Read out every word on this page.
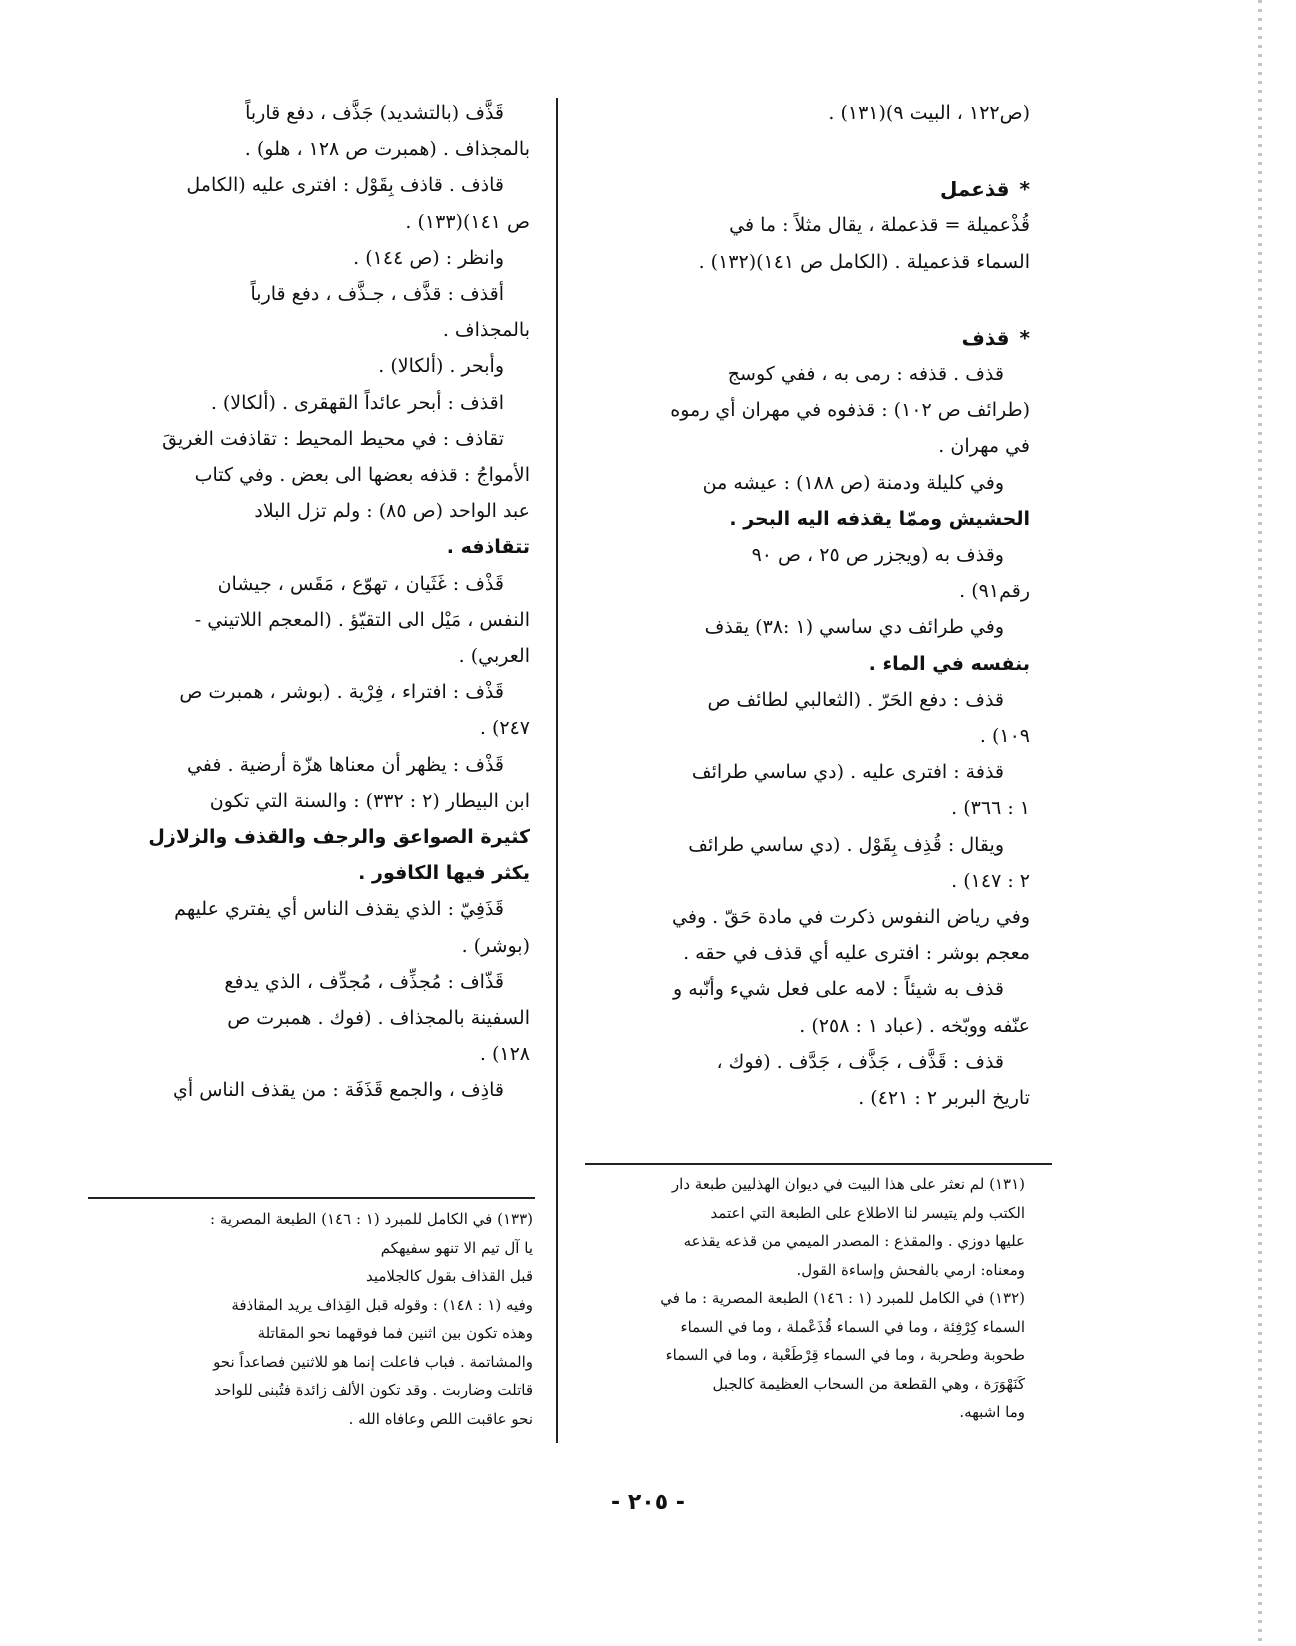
(ص١٢٢ ، البيت ٩)(١٣١) .
*قذعمل
قُذْعميلة = قذعملة ، يقال مثلاً : ما في
السماء قذعميلة . (الكامل ص ١٤١)(١٣٢) .
*قذف
قذف . قذفه : رمى به ، ففي كوسج
(طرائف ص ١٠٢) : قذفوه في مهران أي رموه
في مهران .
وفي كليلة ودمنة (ص ١٨٨) : عيشه من
الحشيش وممّا يقذفه اليه البحر .
وقذف به (ويجزر ص ٢٥ ، ص ٩٠
رقم٩١) .
وفي طرائف دي ساسي (١ :٣٨) يقذف
بنفسه في الماء .
قذف : دفع الحَرّ . (الثعالبي لطائف ص
١٠٩) .
قذفة : افترى عليه . (دي ساسي طرائف
١ : ٣٦٦) .
ويقال : قُذِف بِقَوْل . (دي ساسي طرائف
٢ : ١٤٧) .
وفي رياض النفوس ذكرت في مادة حَقّ . وفي
معجم بوشر : افترى عليه أي قذف في حقه .
قذف به شيئاً : لامه على فعل شيء وأنّبه و
عنّفه ووبّخه . (عباد ١ : ٢٥٨) .
قذف : قَذَّف ، جَذَّف ، جَدَّف . (فوك ،
تاريخ البربر ٢ : ٤٢١) .
قَذَّف (بالتشديد) جَذَّف ، دفع قارباً
بالمجذاف . (همبرت ص ١٢٨ ، هلو) .
قاذف . قاذف بِقَوْل : افترى عليه (الكامل
ص ١٤١)(١٣٣) .
وانظر : (ص ١٤٤) .
أقذف : قذَّف ، جـذَّف ، دفع قارباً
بالمجذاف .
وأبحر . (ألكالا) .
اقذف : أبحر عائداً القهقرى . (ألكالا) .
تقاذف : في محيط المحيط : تقاذفت الغريقَ
الأمواجُ : قذفه بعضها الى بعض . وفي كتاب
عبد الواحد (ص ٨٥) : ولم تزل البلاد
تتقاذفه .
قَذْف : غَثَيان ، تهوّع ، مَقَس ، جيشان
النفس ، مَيْل الى التقيّؤ . (المعجم اللاتيني -
العربي) .
قَذْف : افتراء ، فِرْية . (بوشر ، همبرت ص
٢٤٧) .
قَذْف : يظهر أن معناها هزّة أرضية . ففي
ابن البيطار (٢ : ٣٣٢) : والسنة التي تكون
كثيرة الصواعق والرجف والقذف والزلازل
يكثر فيها الكافور .
قَذَفِيّ : الذي يقذف الناس أي يفتري عليهم
(بوشر) .
قَذّاف : مُجذِّف ، مُجدِّف ، الذي يدفع
السفينة بالمجذاف . (فوك . همبرت ص
١٢٨) .
قاذِف ، والجمع قَذَفَة : من يقذف الناس أي
(١٣١) لم نعثر على هذا البيت في ديوان الهذليين طبعة دار
الكتب ولم يتيسر لنا الاطلاع على الطبعة التي اعتمد
عليها دوزي . والمقذع : المصدر الميمي من قذعه يقذعه
ومعناه: ارمي بالفحش وإساءة القول.
(١٣٢) في الكامل للمبرد (١ : ١٤٦) الطبعة المصرية : ما في
السماء كِرْفِئة ، وما في السماء قُذَعْملة ، وما في السماء
طحوبة وطحربة ، وما في السماء قِرْطَعْبة ، وما في السماء
كَنَهْوَرَة ، وهي القطعة من السحاب العظيمة كالجبل
وما اشبهه.
(١٣٣) في الكامل للمبرد (١ : ١٤٦) الطبعة المصرية :
يا آل تيم الا تنهو سفيهكم
قبل القذاف بقول كالجلاميد
وفيه (١ : ١٤٨) : وقوله قبل القِذاف يريد المقاذفة
وهذه تكون بين اثنين فما فوقهما نحو المقاتلة
والمشاتمة . فباب فاعلت إنما هو للاثنين فصاعداً نحو
قاتلت وضاربت . وقد تكون الألف زائدة فتُبنى للواحد
نحو عاقبت اللص وعافاه الله .
- ٢٠٥ -
